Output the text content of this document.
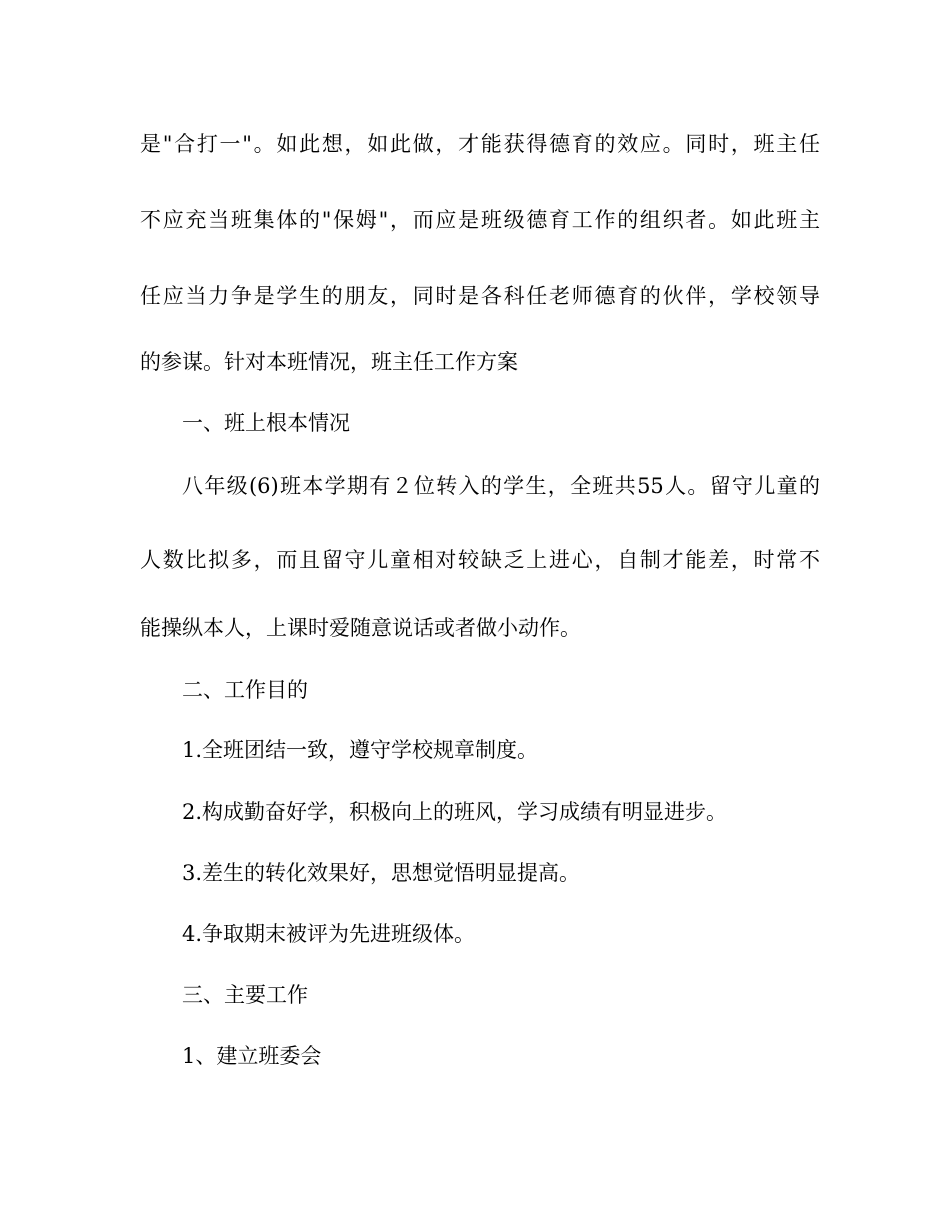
是"合打一"。如此想，如此做，才能获得德育的效应。同时，班主任
不应充当班集体的"保姆"，而应是班级德育工作的组织者。如此班主
任应当力争是学生的朋友，同时是各科任老师德育的伙伴，学校领导
的参谋。针对本班情况，班主任工作方案
一、班上根本情况
八年级(6)班本学期有２位转入的学生，全班共55人。留守儿童的
人数比拟多，而且留守儿童相对较缺乏上进心，自制才能差，时常不
能操纵本人，上课时爱随意说话或者做小动作。
二、工作目的
1.全班团结一致，遵守学校规章制度。
2.构成勤奋好学，积极向上的班风，学习成绩有明显进步。
3.差生的转化效果好，思想觉悟明显提高。
4.争取期末被评为先进班级体。
三、主要工作
1、建立班委会
